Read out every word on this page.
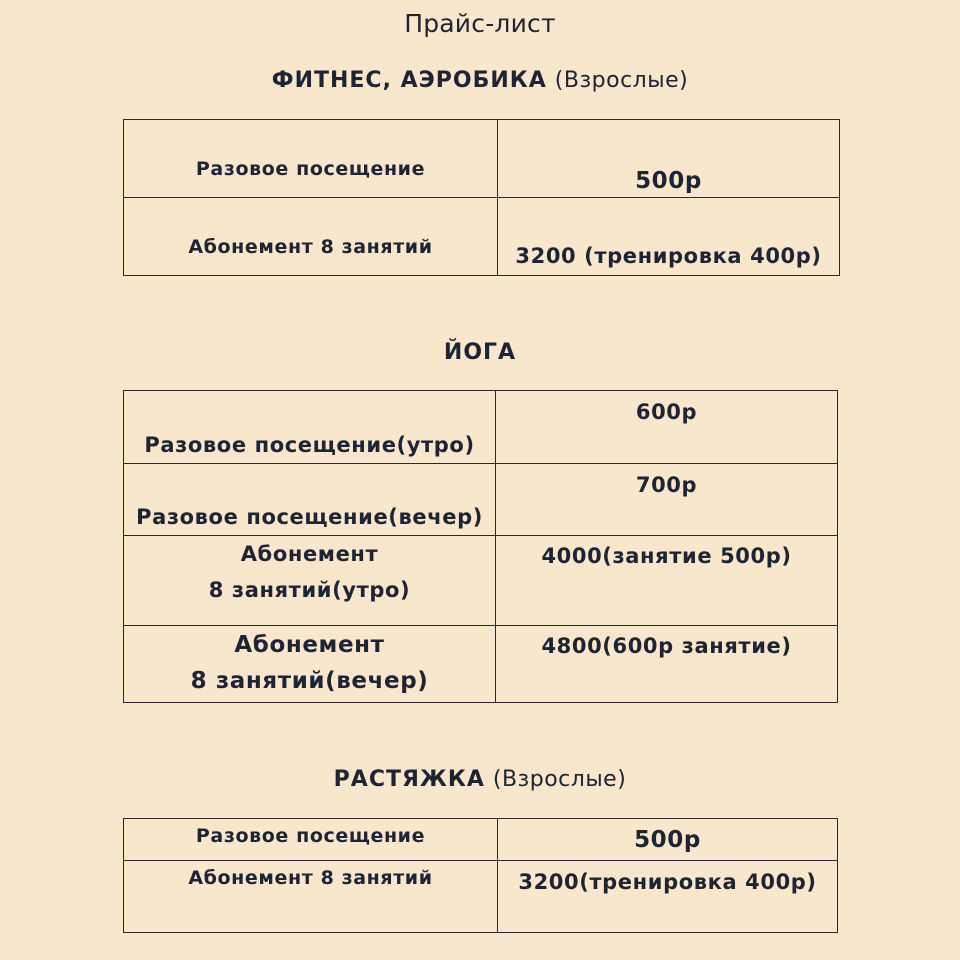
Прайс-лист
ФИТНЕС, АЭРОБИКА (Взрослые)
Разовое посещение	500р

Абонемент 8 занятий	3200 (тренировка 400р)
ЙОГА
Разовое посещение(утро)	600р

Разовое посещение(вечер)	700р

Абонемент
8 занятий(утро)	4000(занятие 500р)

Абонемент
8 занятий(вечер)	4800(600р занятие)
РАСТЯЖКА (Взрослые)
Разовое посещение	500р

Абонемент 8 занятий	3200(тренировка 400р)
